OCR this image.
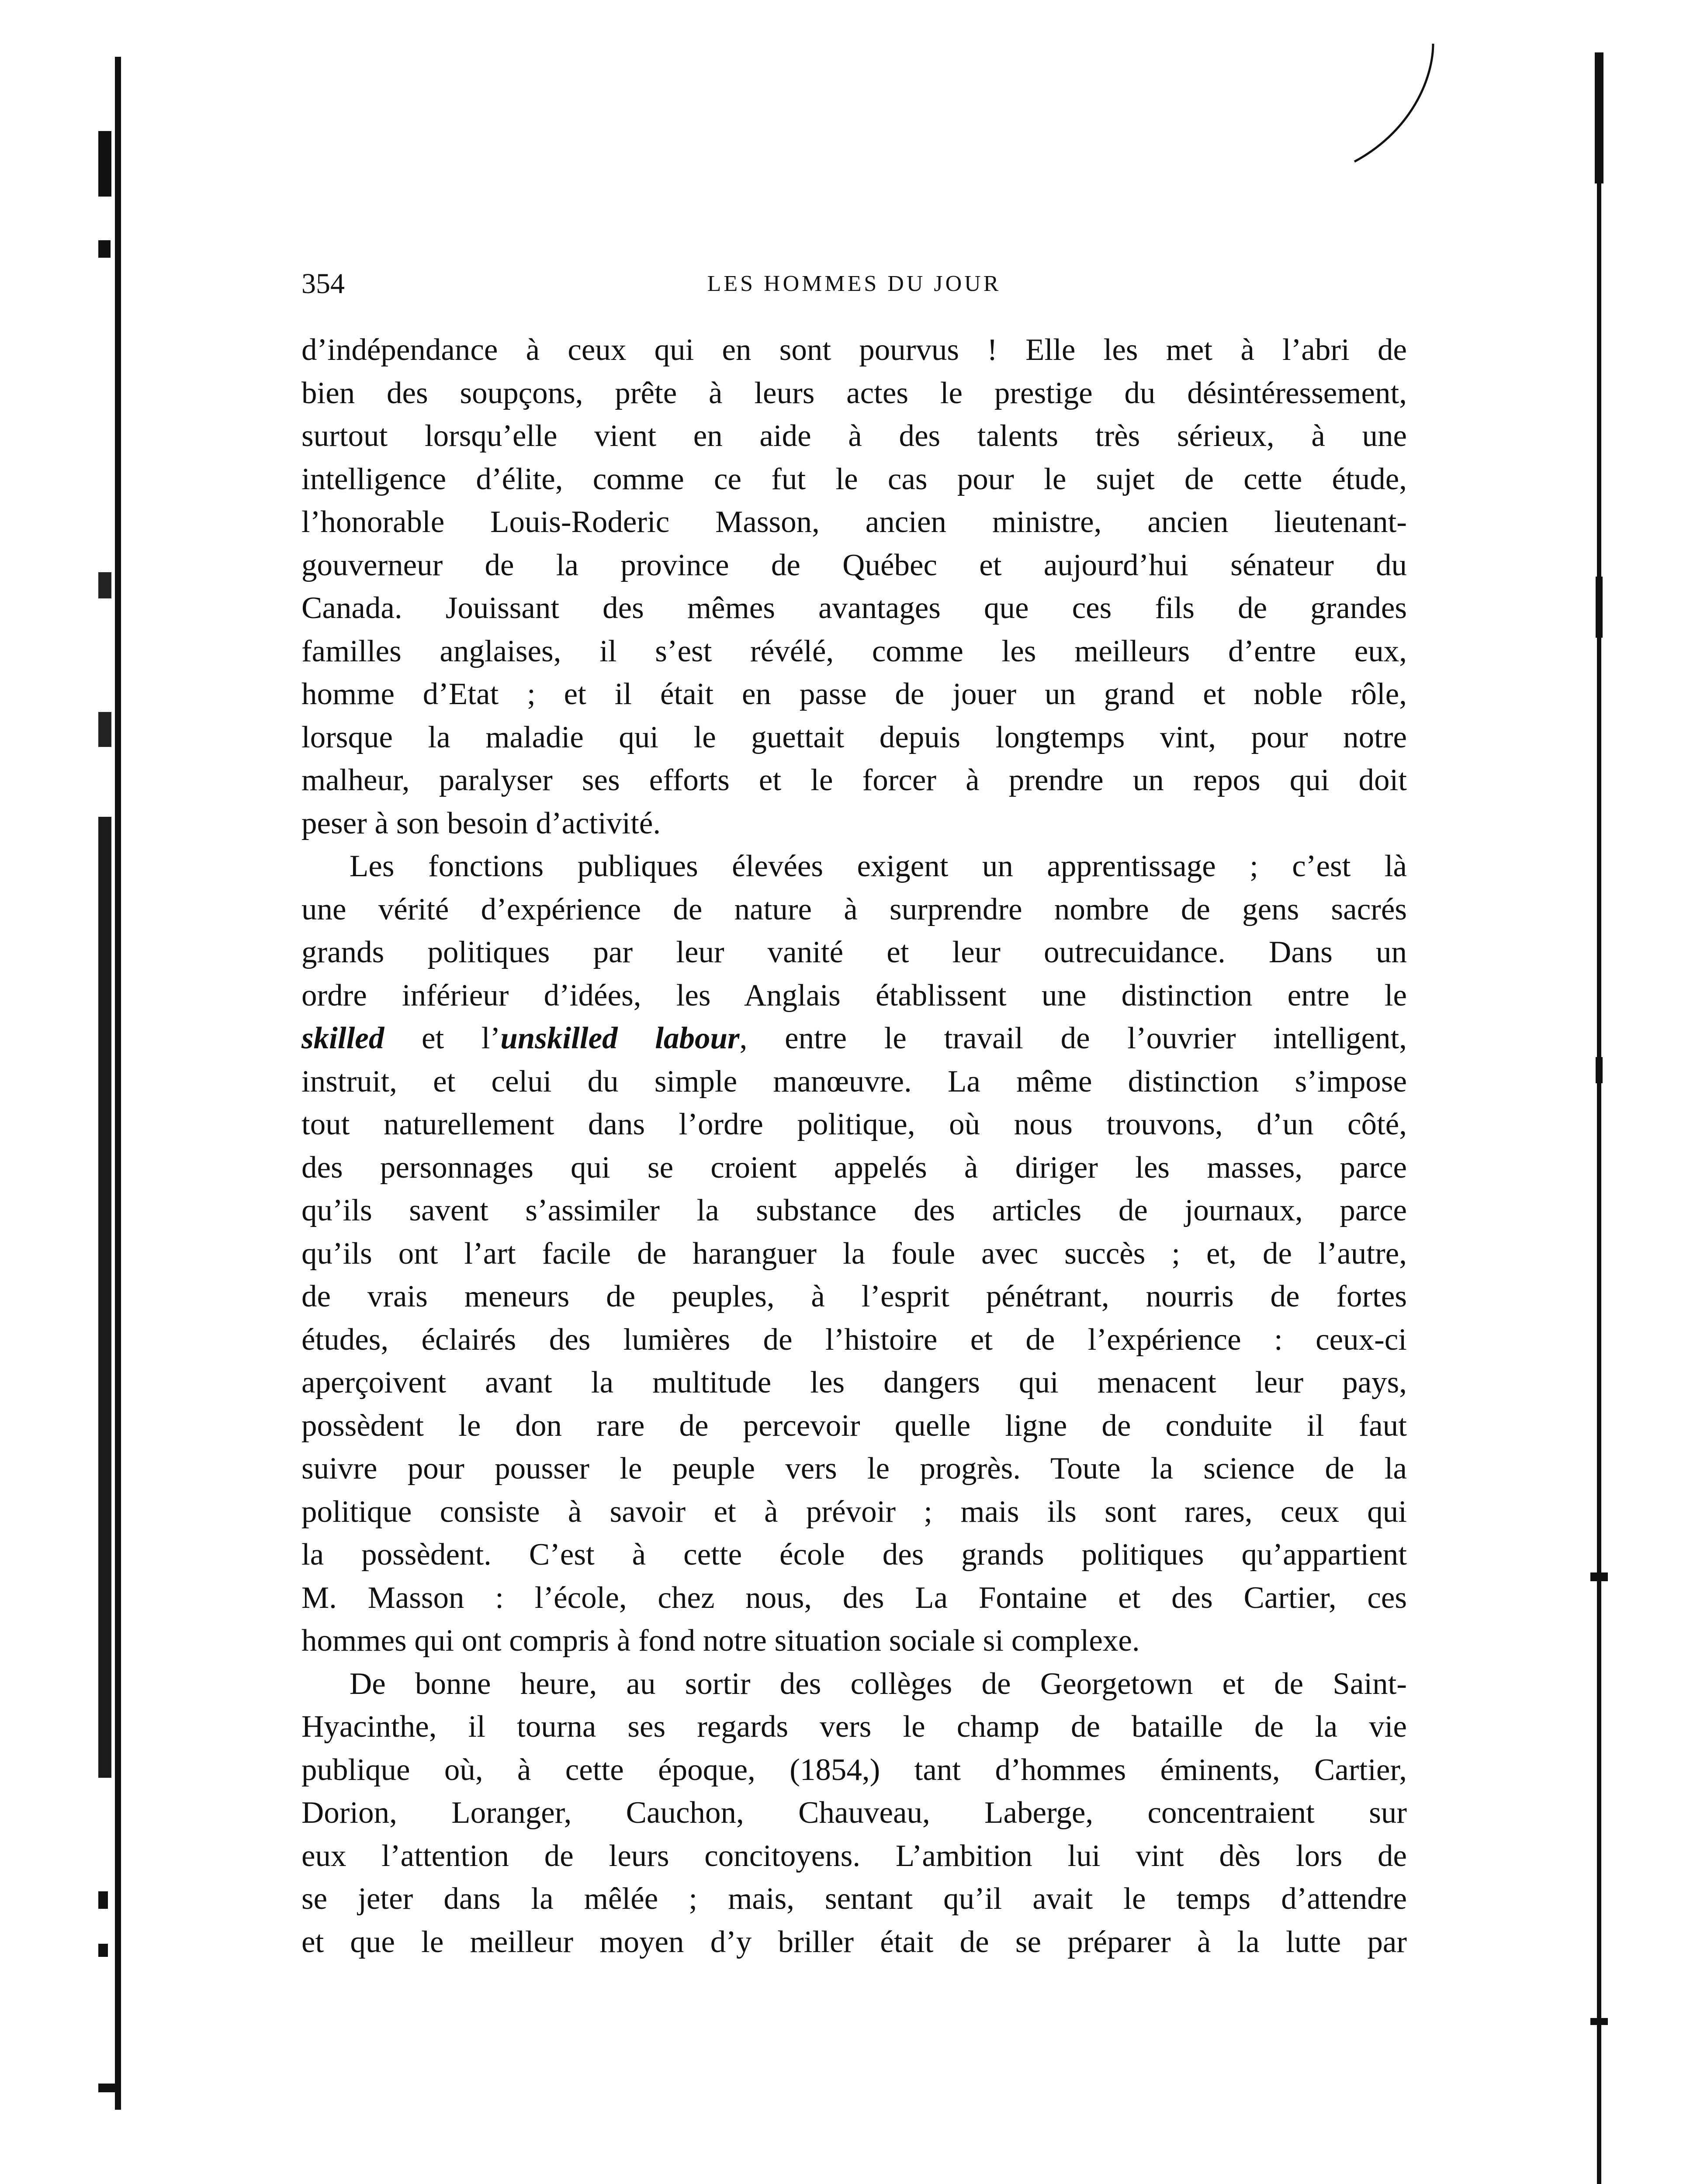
354	LES HOMMES DU JOUR
d’indépendance à ceux qui en sont pourvus ! Elle les met à l’abri de
bien des soupçons, prête à leurs actes le prestige du désintéressement,
surtout lorsqu’elle vient en aide à des talents très sérieux, à une
intelligence d’élite, comme ce fut le cas pour le sujet de cette étude,
l’honorable Louis-Roderic Masson, ancien ministre, ancien lieutenant-
gouverneur de la province de Québec et aujourd’hui sénateur du
Canada. Jouissant des mêmes avantages que ces fils de grandes
familles anglaises, il s’est révélé, comme les meilleurs d’entre eux,
homme d’Etat ; et il était en passe de jouer un grand et noble rôle,
lorsque la maladie qui le guettait depuis longtemps vint, pour notre
malheur, paralyser ses efforts et le forcer à prendre un repos qui doit
peser à son besoin d’activité.
Les fonctions publiques élevées exigent un apprentissage ; c’est là
une vérité d’expérience de nature à surprendre nombre de gens sacrés
grands politiques par leur vanité et leur outrecuidance. Dans un
ordre inférieur d’idées, les Anglais établissent une distinction entre le
skilled et l’unskilled labour, entre le travail de l’ouvrier intelligent,
instruit, et celui du simple manœuvre. La même distinction s’impose
tout naturellement dans l’ordre politique, où nous trouvons, d’un côté,
des personnages qui se croient appelés à diriger les masses, parce
qu’ils savent s’assimiler la substance des articles de journaux, parce
qu’ils ont l’art facile de haranguer la foule avec succès ; et, de l’autre,
de vrais meneurs de peuples, à l’esprit pénétrant, nourris de fortes
études, éclairés des lumières de l’histoire et de l’expérience : ceux-ci
aperçoivent avant la multitude les dangers qui menacent leur pays,
possèdent le don rare de percevoir quelle ligne de conduite il faut
suivre pour pousser le peuple vers le progrès. Toute la science de la
politique consiste à savoir et à prévoir ; mais ils sont rares, ceux qui
la possèdent. C’est à cette école des grands politiques qu’appartient
M. Masson : l’école, chez nous, des La Fontaine et des Cartier, ces
hommes qui ont compris à fond notre situation sociale si complexe.
De bonne heure, au sortir des collèges de Georgetown et de Saint-
Hyacinthe, il tourna ses regards vers le champ de bataille de la vie
publique où, à cette époque, (1854,) tant d’hommes éminents, Cartier,
Dorion, Loranger, Cauchon, Chauveau, Laberge, concentraient sur
eux l’attention de leurs concitoyens. L’ambition lui vint dès lors de
se jeter dans la mêlée ; mais, sentant qu’il avait le temps d’attendre
et que le meilleur moyen d’y briller était de se préparer à la lutte par
